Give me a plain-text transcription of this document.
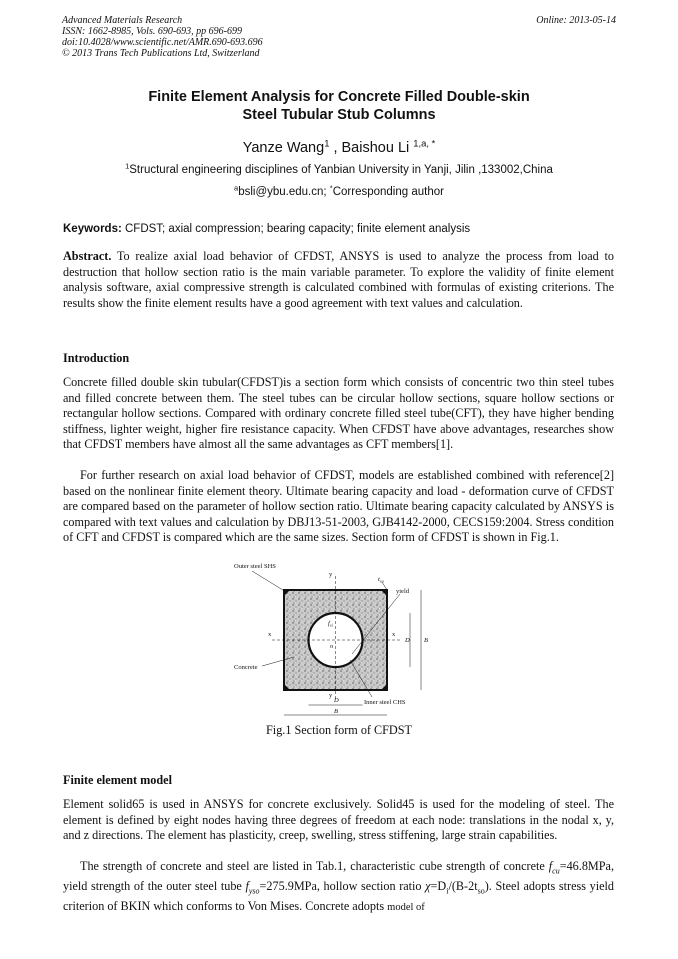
Advanced Materials Research
ISSN: 1662-8985, Vols. 690-693, pp 696-699
doi:10.4028/www.scientific.net/AMR.690-693.696
© 2013 Trans Tech Publications Ltd, Switzerland
Online: 2013-05-14
Finite Element Analysis for Concrete Filled Double-skin
Steel Tubular Stub Columns
Yanze Wang$^1$ , Baishou Li $^{1,a, *}$
$^1$Structural engineering disciplines of Yanbian University in Yanji, Jilin ,133002,China
$^a$bsli@ybu.edu.cn; *Corresponding author
Keywords: CFDST; axial compression; bearing capacity; finite element analysis
Abstract. To realize axial load behavior of CFDST, ANSYS is used to analyze the process from load to destruction that hollow section ratio is the main variable parameter. To explore the validity of finite element analysis software, axial compressive strength is calculated combined with formulas of existing criterions. The results show the finite element results have a good agreement with text values and calculation.
Introduction
Concrete filled double skin tubular(CFDST)is a section form which consists of concentric two thin steel tubes and filled concrete between them. The steel tubes can be circular hollow sections, square hollow sections or rectangular hollow sections. Compared with ordinary concrete filled steel tube(CFT), they have higher bending stiffness, lighter weight, higher fire resistance capacity. When CFDST have above advantages, researches show that CFDST members have almost all the same advantages as CFT members[1].
For further research on axial load behavior of CFDST, models are established combined with reference[2] based on the nonlinear finite element theory. Ultimate bearing capacity and load - deformation curve of CFDST are compared based on the parameter of hollow section ratio. Ultimate bearing capacity calculated by ANSYS is compared with text values and calculation by DBJ13-51-2003, GJB4142-2000, CECS159:2004. Stress condition of CFT and CFDST is compared which are the same sizes. Section form of CFDST is shown in Fig.1.
Outer steel SHS
y
$t_{so}$
yield
x	x
$f_{si}$
o
Concrete
y
Inner steel CHS
D B
D
B
Fig.1 Section form of CFDST
Finite element model
Element solid65 is used in ANSYS for concrete exclusively. Solid45 is used for the modeling of steel. The element is defined by eight nodes having three degrees of freedom at each node: translations in the nodal x, y, and z directions. The element has plasticity, creep, swelling, stress stiffening, large strain capabilities.
The strength of concrete and steel are listed in Tab.1, characteristic cube strength of concrete $f_{cu}=46.8MPa$, yield strength of the outer steel tube $f_{yso}=275.9MPa$, hollow section ratio $\chi=D_i/(B-2t_{so})$. Steel adopts stress yield criterion of BKIN which conforms to Von Mises. Concrete adopts model of
